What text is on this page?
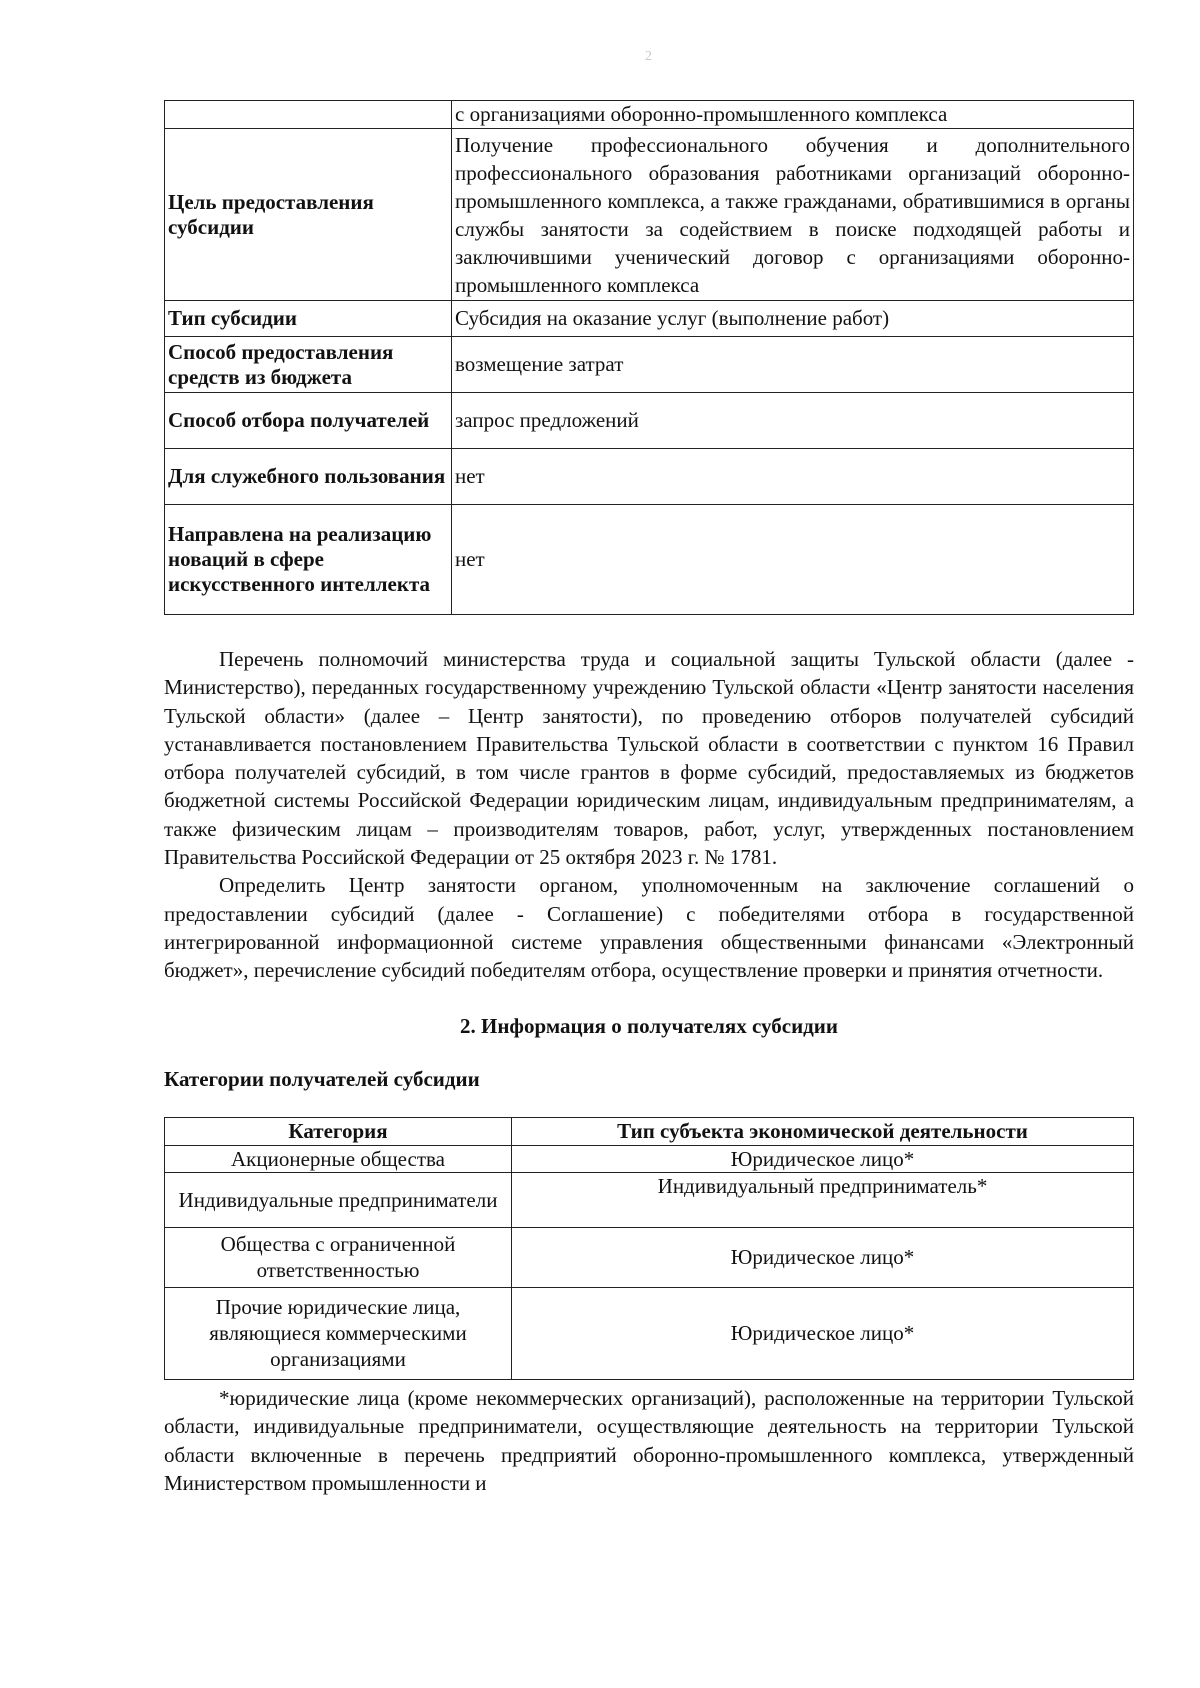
2
	с организациями оборонно-промышленного комплекса
Цель предоставления субсидии	Получение профессионального обучения и дополнительного профессионального образования работниками организаций оборонно-промышленного комплекса, а также гражданами, обратившимися в органы службы занятости за содействием в поиске подходящей работы и заключившими ученический договор с организациями оборонно-промышленного комплекса
Тип субсидии	Субсидия на оказание услуг (выполнение работ)
Способ предоставления средств из бюджета	возмещение затрат
Способ отбора получателей	запрос предложений
Для служебного пользования	нет
Направлена на реализацию новаций в сфере искусственного интеллекта	нет

Перечень полномочий министерства труда и социальной защиты Тульской области (далее - Министерство), переданных государственному учреждению Тульской области «Центр занятости населения Тульской области» (далее – Центр занятости), по проведению отборов получателей субсидий устанавливается постановлением Правительства Тульской области в соответствии с пунктом 16 Правил отбора получателей субсидий, в том числе грантов в форме субсидий, предоставляемых из бюджетов бюджетной системы Российской Федерации юридическим лицам, индивидуальным предпринимателям, а также физическим лицам – производителям товаров, работ, услуг, утвержденных постановлением Правительства Российской Федерации от 25 октября 2023 г. № 1781.

Определить Центр занятости органом, уполномоченным на заключение соглашений о предоставлении субсидий (далее - Соглашение) с победителями отбора в государственной интегрированной информационной системе управления общественными финансами «Электронный бюджет», перечисление субсидий победителям отбора, осуществление проверки и принятия отчетности.

2. Информация о получателях субсидии
Категории получателей субсидии
Категория	Тип субъекта экономической деятельности
Акционерные общества	Юридическое лицо*
Индивидуальные предприниматели	Индивидуальный предприниматель*
Общества с ограниченной ответственностью	Юридическое лицо*
Прочие юридические лица, являющиеся коммерческими организациями	Юридическое лицо*

*юридические лица (кроме некоммерческих организаций), расположенные на территории Тульской области, индивидуальные предприниматели, осуществляющие деятельность на территории Тульской области включенные в перечень предприятий оборонно-промышленного комплекса, утвержденный Министерством промышленности и
